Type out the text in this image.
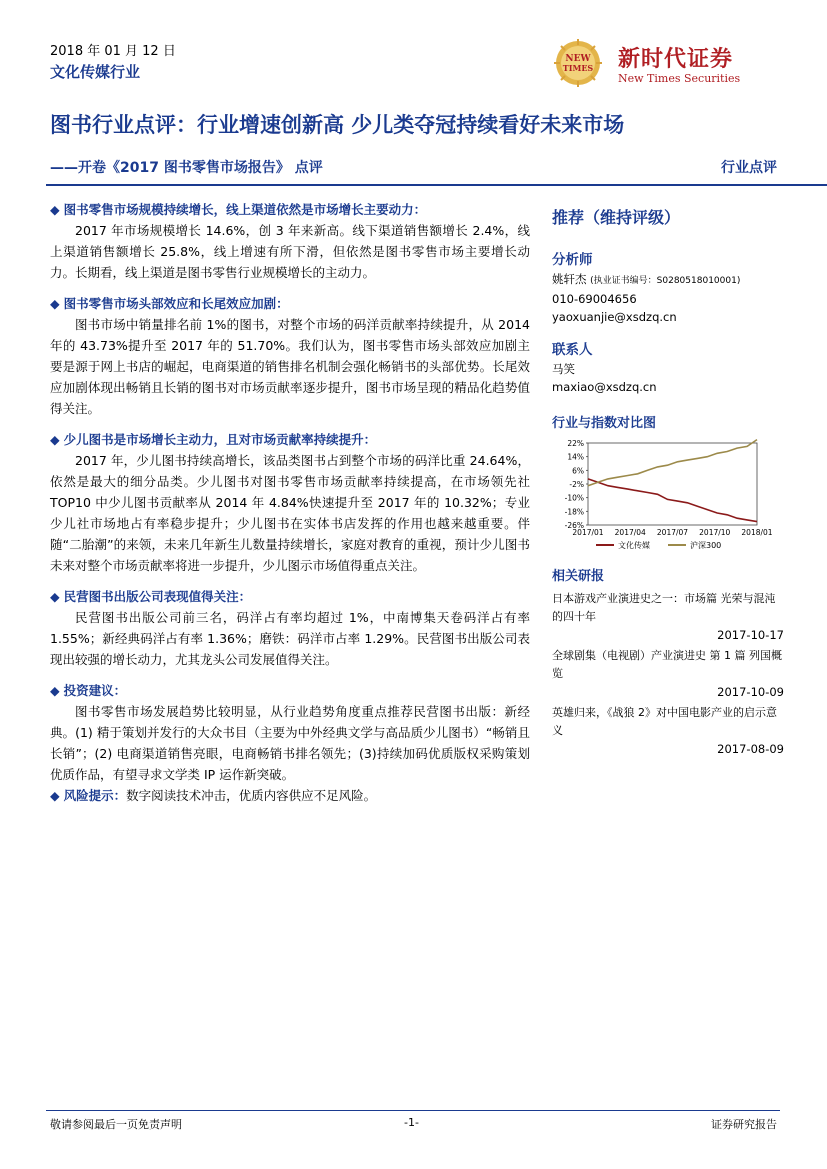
2018 年 01 月 12 日
文化传媒行业
NEW
TIMES 新时代证券
New Times Securities
图书行业点评：行业增速创新高 少儿类夺冠持续看好未来市场
——开卷《2017 图书零售市场报告》 点评	行业点评
◆ 图书零售市场规模持续增长，线上渠道依然是市场增长主要动力：

2017 年市场规模增长 14.6%，创 3 年来新高。线下渠道销售额增长 2.4%，线上渠道销售额增长 25.8%，线上增速有所下滑，但依然是图书零售市场主要增长动力。长期看，线上渠道是图书零售行业规模增长的主动力。

◆ 图书零售市场头部效应和长尾效应加剧：

图书市场中销量排名前 1%的图书，对整个市场的码洋贡献率持续提升，从 2014 年的 43.73%提升至 2017 年的 51.70%。我们认为，图书零售市场头部效应加剧主要是源于网上书店的崛起，电商渠道的销售排名机制会强化畅销书的头部优势。长尾效应加剧体现出畅销且长销的图书对市场贡献率逐步提升，图书市场呈现的精品化趋势值得关注。

◆ 少儿图书是市场增长主动力，且对市场贡献率持续提升：

2017 年，少儿图书持续高增长，该品类图书占到整个市场的码洋比重 24.64%，依然是最大的细分品类。少儿图书对图书零售市场贡献率持续提高，在市场领先社 TOP10 中少儿图书贡献率从 2014 年 4.84%快速提升至 2017 年的 10.32%；专业少儿社市场地占有率稳步提升；少儿图书在实体书店发挥的作用也越来越重要。伴随“二胎潮”的来领，未来几年新生儿数量持续增长，家庭对教育的重视，预计少儿图书未来对整个市场贡献率将进一步提升，少儿图示市场值得重点关注。

◆ 民营图书出版公司表现值得关注：

民营图书出版公司前三名，码洋占有率均超过 1%，中南博集天卷码洋占有率 1.55%；新经典码洋占有率 1.36%；磨铁：码洋市占率 1.29%。民营图书出版公司表现出较强的增长动力，尤其龙头公司发展值得关注。

◆ 投资建议：

图书零售市场发展趋势比较明显，从行业趋势角度重点推荐民营图书出版：新经典。(1) 精于策划并发行的大众书目（主要为中外经典文学与高品质少儿图书）“畅销且长销”；(2) 电商渠道销售亮眼，电商畅销书排名领先；(3)持续加码优质版权采购策划优质作品，有望寻求文学类 IP 运作新突破。

◆ 风险提示：数字阅读技术冲击，优质内容供应不足风险。
推荐（维持评级）
分析师
姚轩杰 (执业证书编号：S0280518010001)
010-69004656
yaoxuanjie@xsdzq.cn
联系人
马笑
maxiao@xsdzq.cn
行业与指数对比图
22%
14%
6%
-2%
-10%
-18%
-26%
2017/01 2017/04 2017/07 2017/10 2018/01
文化传媒	沪深300
相关研报
日本游戏产业演进史之一：市场篇 光荣与混沌的四十年
2017-10-17
全球剧集（电视剧）产业演进史 第 1 篇 列国概览
2017-10-09
英雄归来，《战狼 2》对中国电影产业的启示意义
2017-08-09
敬请参阅最后一页免责声明	-1-	证券研究报告
